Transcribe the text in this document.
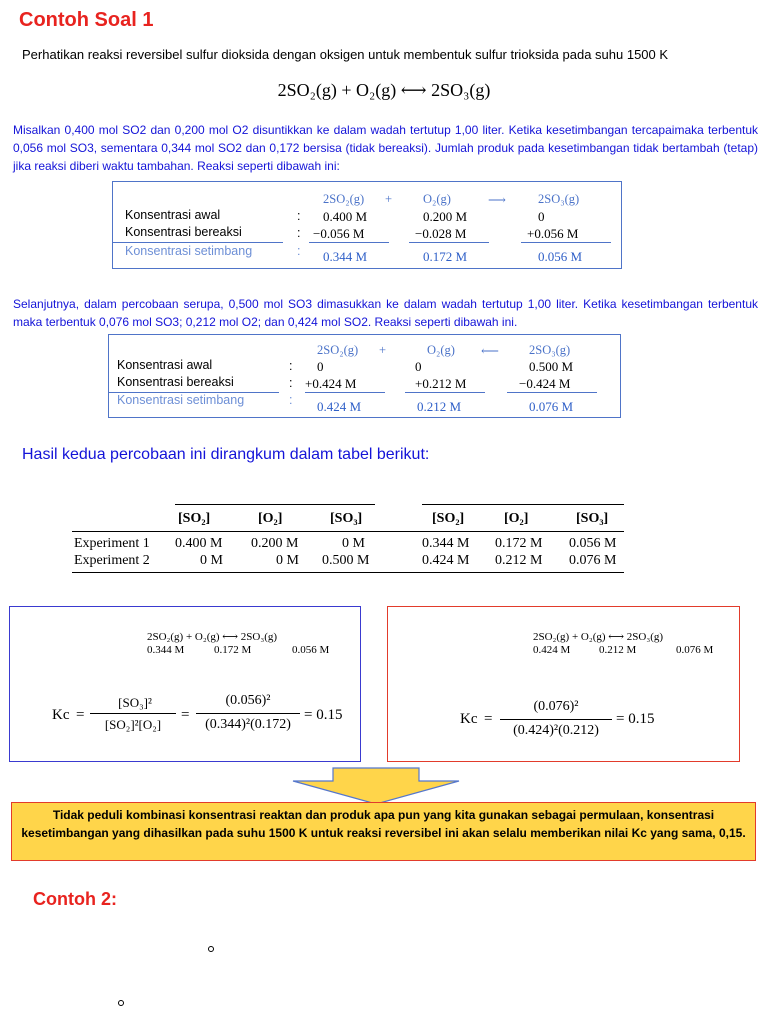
Contoh Soal 1
Perhatikan reaksi reversibel sulfur dioksida dengan oksigen untuk membentuk sulfur trioksida pada suhu 1500 K
2SO₂(g) + O₂(g) ⟷ 2SO₃(g)
Misalkan 0,400 mol SO2 dan 0,200 mol O2 disuntikkan ke dalam wadah tertutup 1,00 liter. Ketika kesetimbangan tercapaimaka terbentuk 0,056 mol SO3, sementara 0,344 mol SO2 dan 0,172 bersisa (tidak bereaksi). Jumlah produk pada kesetimbangan tidak bertambah (tetap) jika reaksi diberi waktu tambahan. Reaksi seperti dibawah ini:
2SO₂(g) + O₂(g)	⟶	2SO₃(g)
Konsentrasi awal	: 0.400 M	0.200 M	0
Konsentrasi bereaksi	: −0.056 M	−0.028 M	+0.056 M
Konsentrasi setimbang	: 0.344 M	0.172 M	0.056 M
Selanjutnya, dalam percobaan serupa, 0,500 mol SO3 dimasukkan ke dalam wadah tertutup 1,00 liter. Ketika kesetimbangan terbentuk maka terbentuk 0,076 mol SO3; 0,212 mol O2; dan 0,424 mol SO2. Reaksi seperti dibawah ini.
2SO₂(g) +	O₂(g) ⟵ 2SO₃(g)
Konsentrasi awal	: 0	0	0.500 M
Konsentrasi bereaksi	: +0.424 M	+0.212 M	−0.424 M
Konsentrasi setimbang	: 0.424 M	0.212 M	0.076 M
Hasil kedua percobaan ini dirangkum dalam tabel berikut:
[SO₂]	[O₂]	[SO₃]	[SO₂]	[O₂]	[SO₃]
Experiment 1 0.400 M 0.200 M	0 M	0.344 M 0.172 M 0.056 M
Experiment 2	0 M	0 M 0.500 M	0.424 M 0.212 M 0.076 M
2SO₂(g) + O₂(g) ⟷ 2SO₃(g)
0.344 M	0.172 M	0.056 M
Kc =
[SO₃]²
[SO₂]²[O₂]
=
(0.056)²
(0.344)²(0.172)
= 0.15
2SO₂(g) + O₂(g) ⟷ 2SO₃(g)
0.424 M	0.212 M	0.076 M
Kc =
(0.076)²
(0.424)²(0.212)
= 0.15
Tidak peduli kombinasi konsentrasi reaktan dan produk apa pun yang kita gunakan sebagai permulaan, konsentrasi kesetimbangan yang dihasilkan pada suhu 1500 K untuk reaksi reversibel ini akan selalu memberikan nilai Kc yang sama, 0,15.
Contoh 2:
